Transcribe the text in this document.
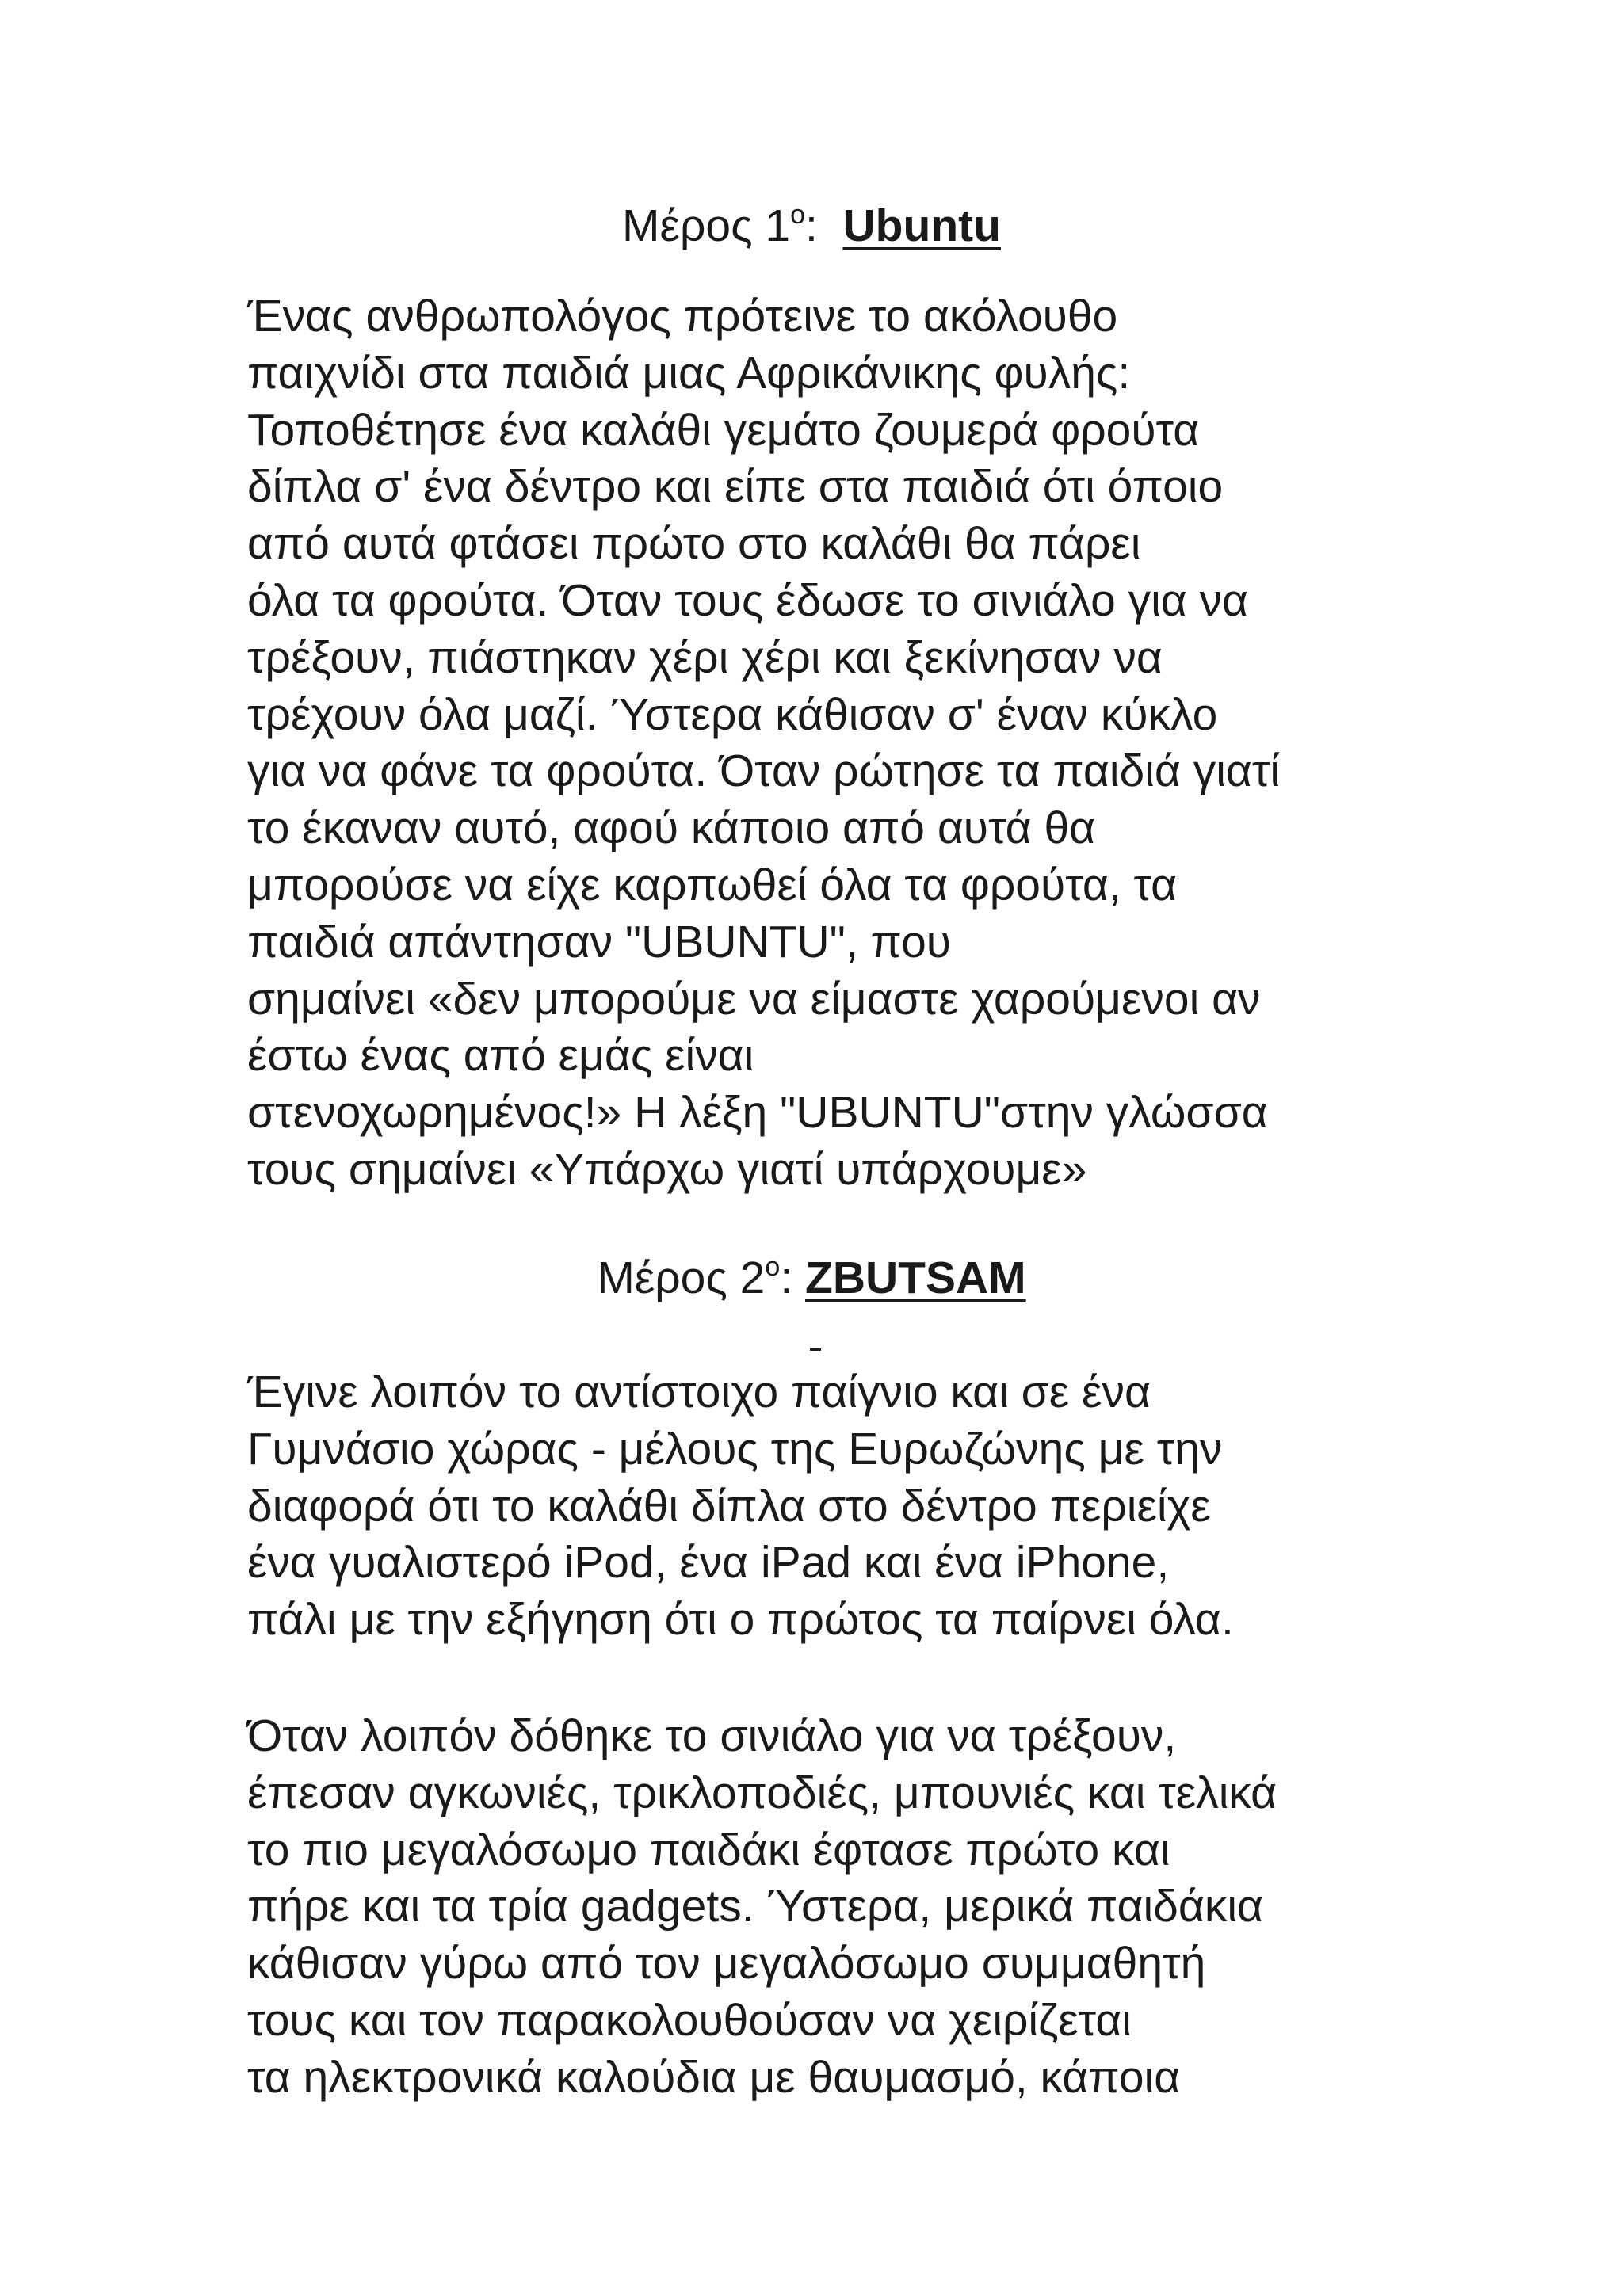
Μέρος $1^o$:  Ubuntu
Ένας ανθρωπολόγος πρότεινε το ακόλουθο
παιχνίδι στα παιδιά μιας Αφρικάνικης φυλής:
Τοποθέτησε ένα καλάθι γεμάτο ζουμερά φρούτα
δίπλα σ' ένα δέντρο και είπε στα παιδιά ότι όποιο
από αυτά φτάσει πρώτο στο καλάθι θα πάρει
όλα τα φρούτα. Όταν τους έδωσε το σινιάλο για να
τρέξουν, πιάστηκαν χέρι χέρι και ξεκίνησαν να
τρέχουν όλα μαζί. Ύστερα κάθισαν σ' έναν κύκλο
για να φάνε τα φρούτα. Όταν ρώτησε τα παιδιά γιατί
το έκαναν αυτό, αφού κάποιο από αυτά θα
μπορούσε να είχε καρπωθεί όλα τα φρούτα, τα
παιδιά απάντησαν "UBUNTU", που
σημαίνει «δεν μπορούμε να είμαστε χαρούμενοι αν
έστω ένας από εμάς είναι
στενοχωρημένος!» Η λέξη "UBUNTU"στην γλώσσα
τους σημαίνει «Υπάρχω γιατί υπάρχουμε»
Μέρος $2^o$: ZBUTSAM
Έγινε λοιπόν το αντίστοιχο παίγνιο και σε ένα
Γυμνάσιο χώρας - μέλους της Ευρωζώνης με την
διαφορά ότι το καλάθι δίπλα στο δέντρο περιείχε
ένα γυαλιστερό iPod, ένα iPad και ένα iPhone,
πάλι με την εξήγηση ότι ο πρώτος τα παίρνει όλα.
Όταν λοιπόν δόθηκε το σινιάλο για να τρέξουν,
έπεσαν αγκωνιές, τρικλοποδιές, μπουνιές και τελικά
το πιο μεγαλόσωμο παιδάκι έφτασε πρώτο και
πήρε και τα τρία gadgets. Ύστερα, μερικά παιδάκια
κάθισαν γύρω από τον μεγαλόσωμο συμμαθητή
τους και τον παρακολουθούσαν να χειρίζεται
τα ηλεκτρονικά καλούδια με θαυμασμό, κάποια
